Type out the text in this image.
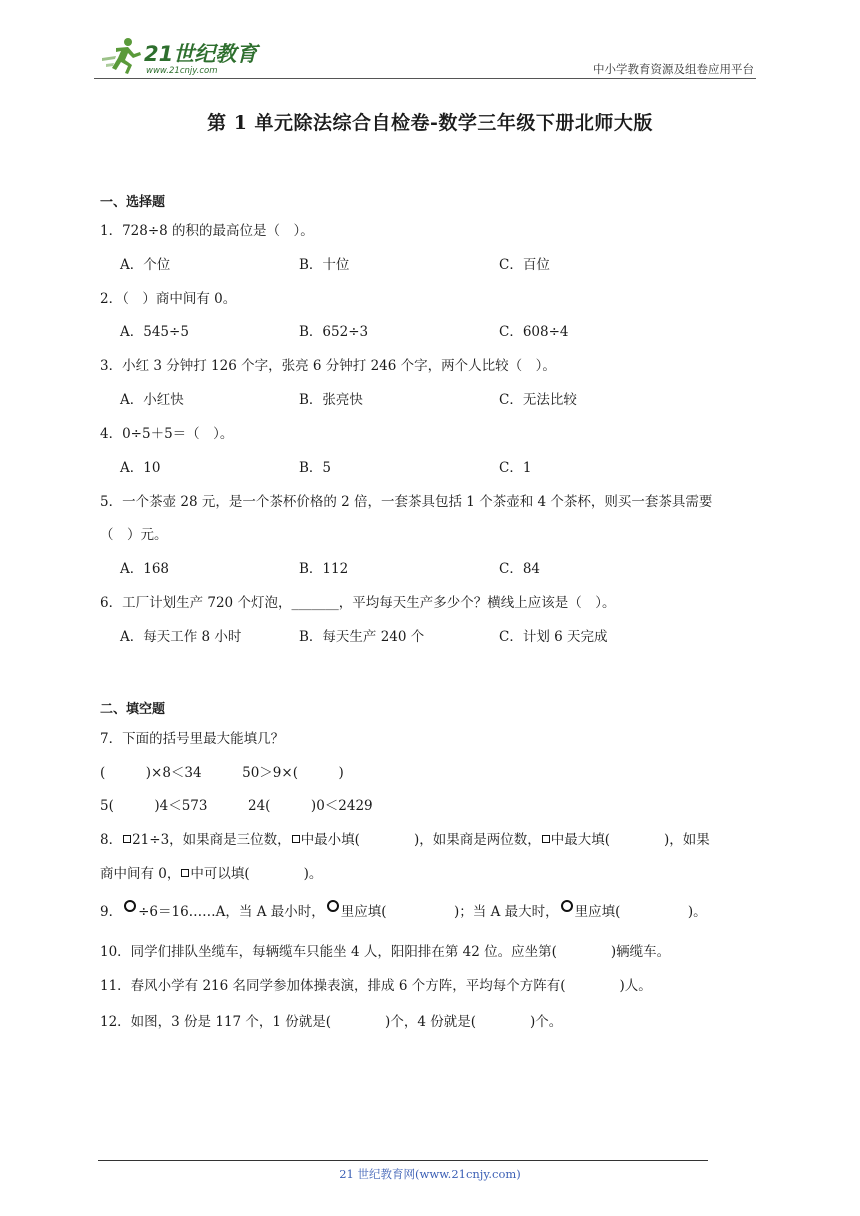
21世纪教育
www.21cnjy.com	中小学教育资源及组卷应用平台
第 1 单元除法综合自检卷-数学三年级下册北师大版
一、选择题
1．728÷8 的积的最高位是（　）。
A．个位	B．十位	C．百位
2．（　）商中间有 0。
A．545÷5	B．652÷3	C．608÷4
3．小红 3 分钟打 126 个字，张亮 6 分钟打 246 个字，两个人比较（　）。
A．小红快	B．张亮快	C．无法比较
4．0÷5＋5＝（　）。
A．10	B．5	C．1
5．一个茶壶 28 元，是一个茶杯价格的 2 倍，一套茶具包括 1 个茶壶和 4 个茶杯，则买一套茶具需要
（　）元。
A．168	B．112	C．84
6．工厂计划生产 720 个灯泡，_______，平均每天生产多少个？横线上应该是（　）。
A．每天工作 8 小时	B．每天生产 240 个	C．计划 6 天完成
二、填空题
7．下面的括号里最大能填几？
(　　　)×8＜34　　　50＞9×(　　　)
5(　　　)4＜573　　　24(　　　)0＜2429
8． 21÷3，如果商是三位数， 中最小填(　　　　)，如果商是两位数， 中最大填(　　　　)，如果
商中间有 0， 中可以填(　　　　)。
9． ÷6＝16……A，当 A 最小时， 里应填(　　　　　)；当 A 最大时， 里应填(　　　　　)。
10．同学们排队坐缆车，每辆缆车只能坐 4 人，阳阳排在第 42 位。应坐第(　　　　)辆缆车。
11．春风小学有 216 名同学参加体操表演，排成 6 个方阵，平均每个方阵有(　　　　)人。
12．如图，3 份是 117 个，1 份就是(　　　　)个，4 份就是(　　　　)个。
21 世纪教育网(www.21cnjy.com)
